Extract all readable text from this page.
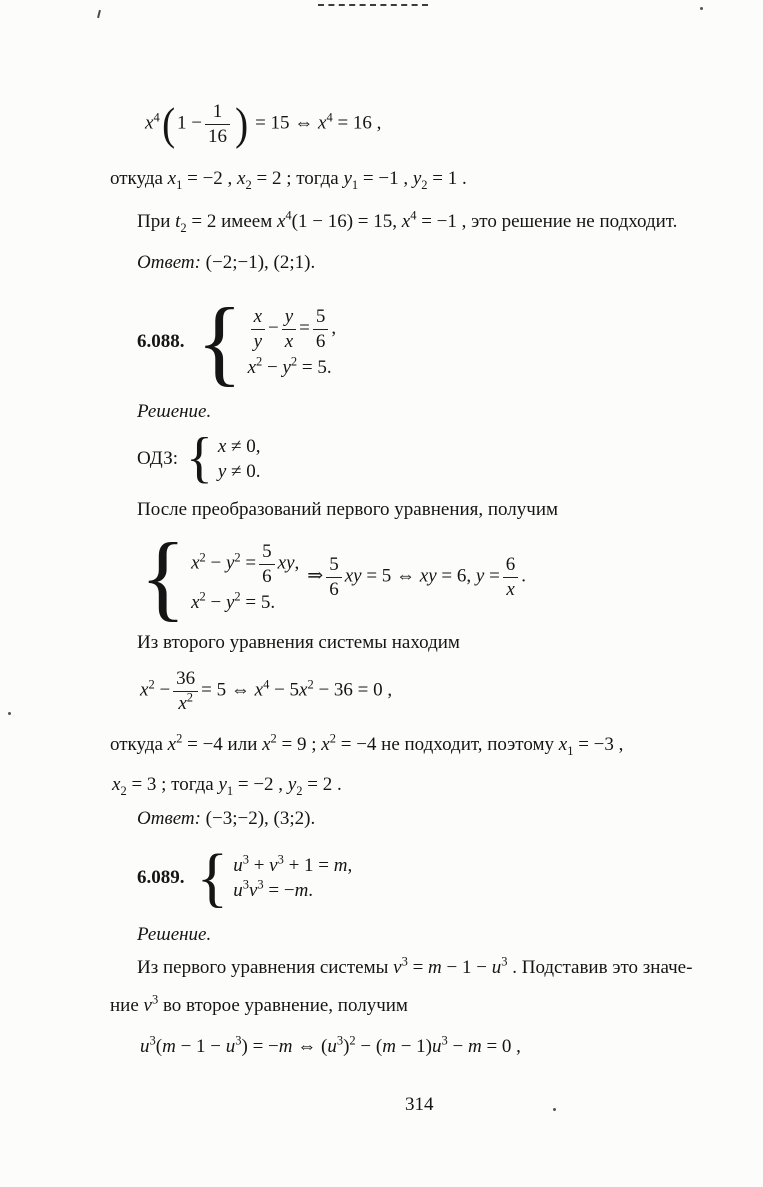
$x^4$( $1 - \frac{1}{16}$ ) = 15 ⇔ $x^4 = 16$ ,
откуда $x_1 = -2$ , $x_2 = 2$ ; тогда $y_1 = -1$ , $y_2 = 1$ .
При $t_2 = 2$ имеем $x^4(1 - 16) = 15$, $x^4 = -1$ , это решение не подходит.
Ответ: (−2;−1), (2;1).
6.088. { $\frac{x}{y} - \frac{y}{x} = \frac{5}{6}$ ,
$x^2 - y^2 = 5$.
Решение.
ОДЗ: { x ≠ 0,
y ≠ 0.
После преобразований первого уравнения, получим
{ $x^2 - y^2 = \frac{5}{6}$ xy,
$x^2 - y^2 = 5$.
⇒ $\frac{5}{6}$ xy = 5 ⇔ xy = 6, $y = \frac{6}{x}$ .
Из второго уравнения системы находим
$x^2 - \frac{36}{x^2} = 5$ ⇔ $x^4 - 5x^2 - 36 = 0$ ,
откуда $x^2 = -4$ или $x^2 = 9$ ; $x^2 = -4$ не подходит, поэтому $x_1 = -3$ ,
$x_2 = 3$ ; тогда $y_1 = -2$ , $y_2 = 2$ .
Ответ: (−3;−2), (3;2).
6.089. { $u^3 + v^3 + 1 = m$,
$u^3v^3 = -m$.
Решение.
Из первого уравнения системы $v^3 = m - 1 - u^3$ . Подставив это значе-
ние $v^3$ во второе уравнение, получим
$u^3(m - 1 - u^3) = -m$ ⇔ $(u^3)^2 - (m - 1)u^3 - m = 0$ ,
314
